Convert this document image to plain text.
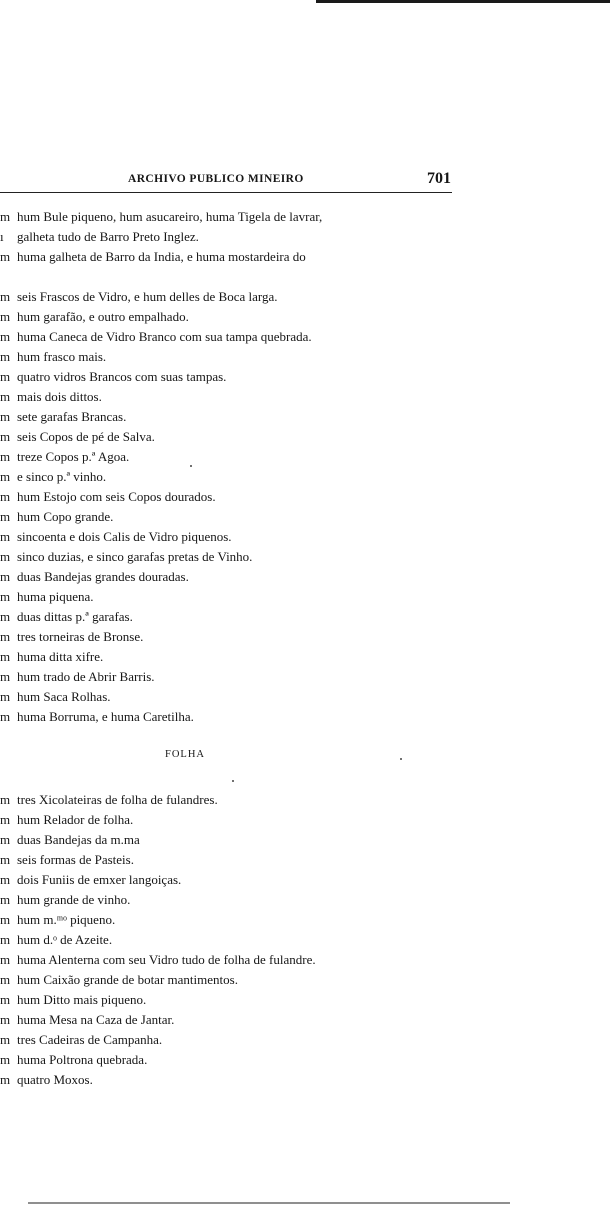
ARCHIVO PUBLICO MINEIRO	701
m hum Bule piqueno, hum asucareiro, huma Tigela de lavrar,
ı galheta tudo de Barro Preto Inglez.
m huma galheta de Barro da India, e huma mostardeira do
m seis Frascos de Vidro, e hum delles de Boca larga.
m hum garafão, e outro empalhado.
m huma Caneca de Vidro Branco com sua tampa quebrada.
m hum frasco mais.
m quatro vidros Brancos com suas tampas.
m mais dois dittos.
m sete garafas Brancas.
m seis Copos de pé de Salva.
m treze Copos p.ª Agoa.
m e sinco p.ª vinho.
m hum Estojo com seis Copos dourados.
m hum Copo grande.
m sincoenta e dois Calis de Vidro piquenos.
m sinco duzias, e sinco garafas pretas de Vinho.
m duas Bandejas grandes douradas.
m huma piquena.
m duas dittas p.ª garafas.
m tres torneiras de Bronse.
m huma ditta xifre.
m hum trado de Abrir Barris.
m hum Saca Rolhas.
m huma Borruma, e huma Caretilha.
FOLHA
m tres Xicolateiras de folha de fulandres.
m hum Relador de folha.
m duas Bandejas da m.ma
m seis formas de Pasteis.
m dois Funiis de emxer langoiças.
m hum grande de vinho.
m hum m.ᵐᵒ piqueno.
m hum d.ᵒ de Azeite.
m huma Alenterna com seu Vidro tudo de folha de fulandre.
m hum Caixão grande de botar mantimentos.
m hum Ditto mais piqueno.
m huma Mesa na Caza de Jantar.
m tres Cadeiras de Campanha.
m huma Poltrona quebrada.
m quatro Moxos.
